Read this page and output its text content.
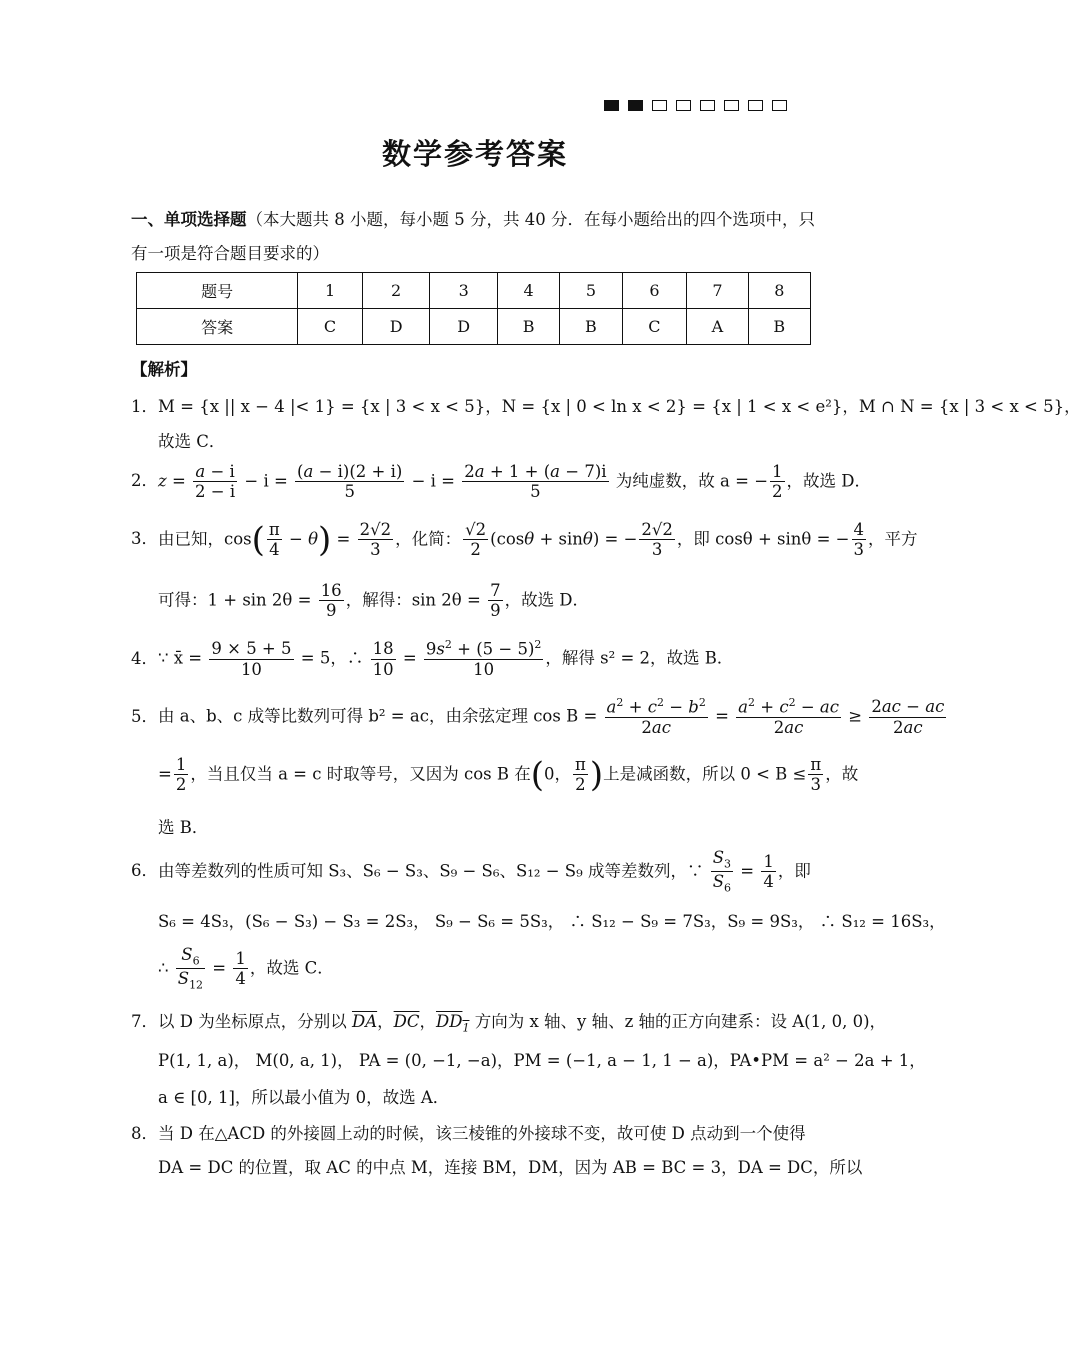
数学参考答案
一、单项选择题（本大题共 8 小题，每小题 5 分，共 40 分．在每小题给出的四个选项中，只
有一项是符合题目要求的）
题号	1	2	3	4	5	6	7	8
答案	C	D	D	B	B	C	A	B
【解析】
1．M = {x || x − 4 |< 1} = {x | 3 < x < 5}，N = {x | 0 < ln x < 2} = {x | 1 < x < e²}，M ∩ N = {x | 3 < x < 5}，
故选 C．
2．$z = \frac{a - i}{2 - i} - i = \frac{(a - i)(2 + i)}{5} - i = \frac{2a + 1 + (a - 7)i}{5}$ 为纯虚数，故 a = − $\frac{1}{2}$ ，故选 D．
3．由已知，$\cos( \frac{\pi}{4} - \theta) = \frac{2√2}{3}$ ，化简： $\frac{√2}{2} (\cos\theta + \sin\theta)$ = − $\frac{2√2}{3}$ ，即 cosθ + sinθ = − $\frac{4}{3}$ ，平方
可得：$1 + \sin 2\theta = \frac{16}{9}$ ，解得：$\sin 2\theta = \frac{7}{9}$ ，故选 D．
4．∵ x̄ = $\frac{9 \times 5 + 5}{10} = 5$，∴ $\frac{18}{10} = \frac{9s^2 + (5 - 5)^2}{10}$ ，解得 s² = 2，故选 B．
5．由 a、b、c 成等比数列可得 b² = ac，由余弦定理 $\cos B = \frac{a^2 + c^2 - b^2}{2ac} = \frac{a^2 + c^2 - ac}{2ac} \ge \frac{2ac - ac}{2ac}$
= $\frac{1}{2}$ ，当且仅当 a = c 时取等号，又因为 cos B 在(0， $\frac{\pi}{2}$ )上是减函数，所以 $0 < B \le \frac{\pi}{3}$ ，故
选 B．
6．由等差数列的性质可知 S₃、S₆ − S₃、S₉ − S₆、S₁₂ − S₉ 成等差数列，∵ $\frac{S_3}{S_6} = \frac{1}{4}$ ，即
S₆ = 4S₃，(S₆ − S₃) − S₃ = 2S₃， S₉ − S₆ = 5S₃， ∴ S₁₂ − S₉ = 7S₃，S₉ = 9S₃， ∴ S₁₂ = 16S₃，
∴ $\frac{S_6}{S_{12}} = \frac{1}{4}$ ，故选 C．
7．以 D 为坐标原点，分别以 $\overline{DA}$，$\overline{DC}$，$DD_1$ 方向为 x 轴、y 轴、z 轴的正方向建系：设 A(1, 0, 0)，
P(1, 1, a)， M(0, a, 1)， PA = (0, −1, −a)，PM = (−1, a − 1, 1 − a)，PA•PM = a² − 2a + 1，
a ∈ [0, 1]，所以最小值为 0，故选 A．
8．当 D 在△ACD 的外接圆上动的时候，该三棱锥的外接球不变，故可使 D 点动到一个使得
DA = DC 的位置，取 AC 的中点 M，连接 BM，DM，因为 AB = BC = 3，DA = DC，所以
